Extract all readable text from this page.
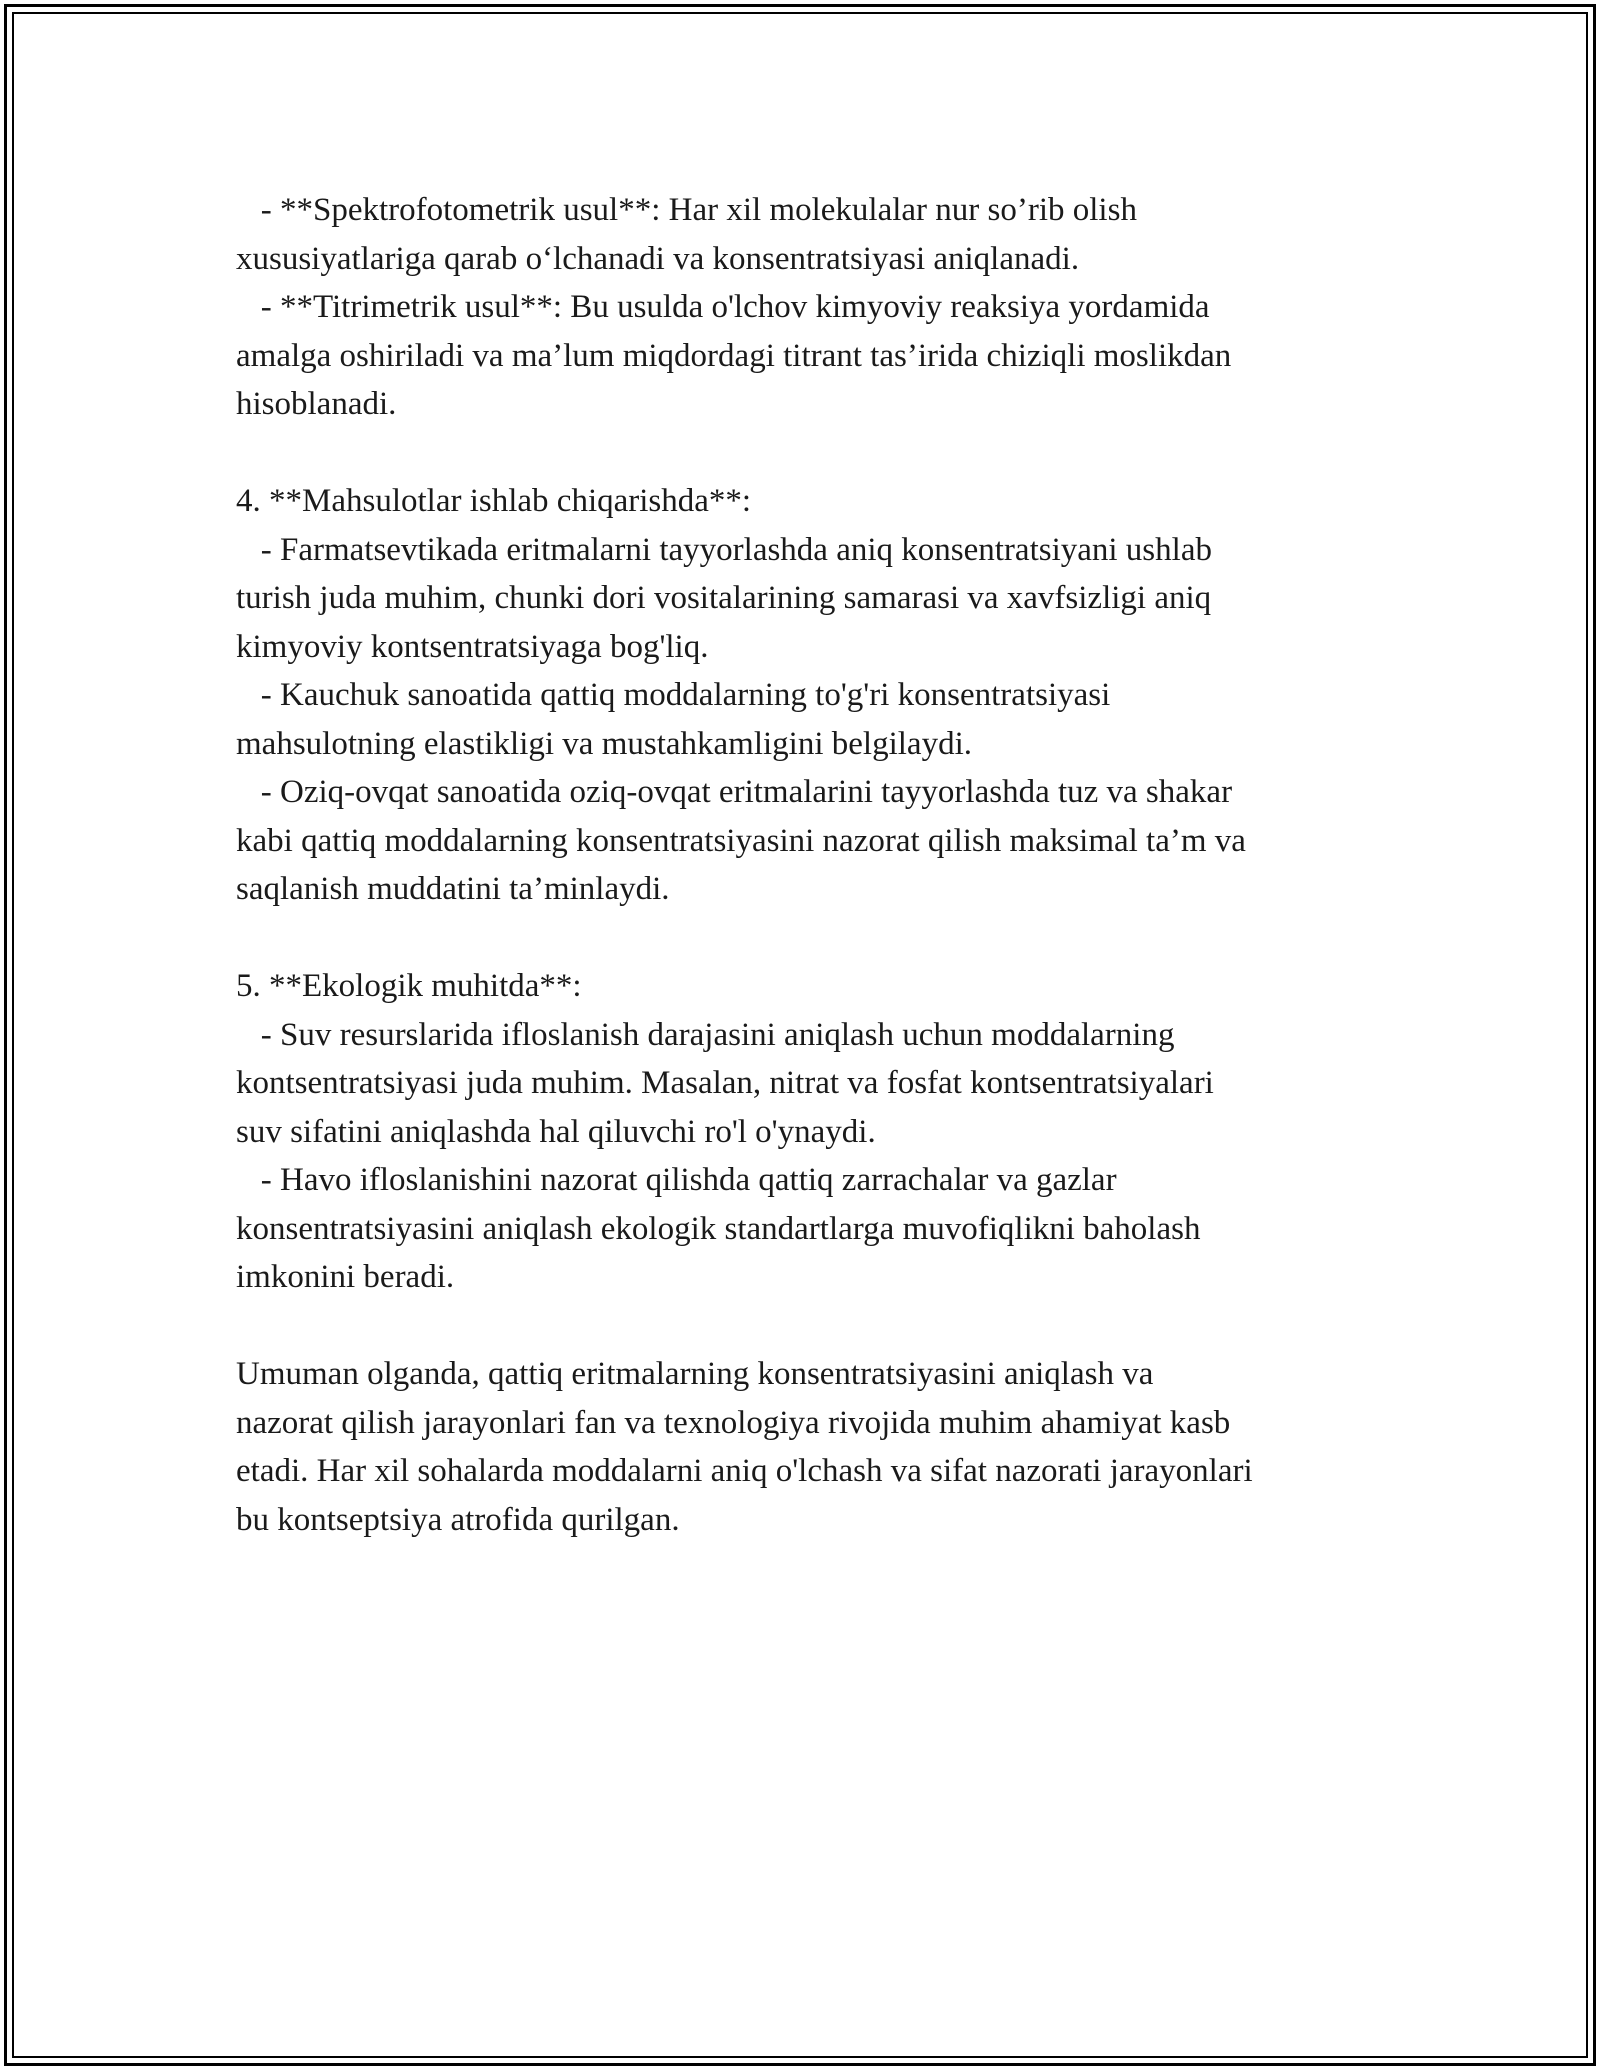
- **Spektrofotometrik usul**: Har xil molekulalar nur so’rib olish
xususiyatlariga qarab o‘lchanadi va konsentratsiyasi aniqlanadi.
- **Titrimetrik usul**: Bu usulda o'lchov kimyoviy reaksiya yordamida
amalga oshiriladi va ma’lum miqdordagi titrant tas’irida chiziqli moslikdan
hisoblanadi.
4. **Mahsulotlar ishlab chiqarishda**:
- Farmatsevtikada eritmalarni tayyorlashda aniq konsentratsiyani ushlab
turish juda muhim, chunki dori vositalarining samarasi va xavfsizligi aniq
kimyoviy kontsentratsiyaga bog'liq.
- Kauchuk sanoatida qattiq moddalarning to'g'ri konsentratsiyasi
mahsulotning elastikligi va mustahkamligini belgilaydi.
- Oziq-ovqat sanoatida oziq-ovqat eritmalarini tayyorlashda tuz va shakar
kabi qattiq moddalarning konsentratsiyasini nazorat qilish maksimal ta’m va
saqlanish muddatini ta’minlaydi.
5. **Ekologik muhitda**:
- Suv resurslarida ifloslanish darajasini aniqlash uchun moddalarning
kontsentratsiyasi juda muhim. Masalan, nitrat va fosfat kontsentratsiyalari
suv sifatini aniqlashda hal qiluvchi ro'l o'ynaydi.
- Havo ifloslanishini nazorat qilishda qattiq zarrachalar va gazlar
konsentratsiyasini aniqlash ekologik standartlarga muvofiqlikni baholash
imkonini beradi.
Umuman olganda, qattiq eritmalarning konsentratsiyasini aniqlash va
nazorat qilish jarayonlari fan va texnologiya rivojida muhim ahamiyat kasb
etadi. Har xil sohalarda moddalarni aniq o'lchash va sifat nazorati jarayonlari
bu kontseptsiya atrofida qurilgan.
